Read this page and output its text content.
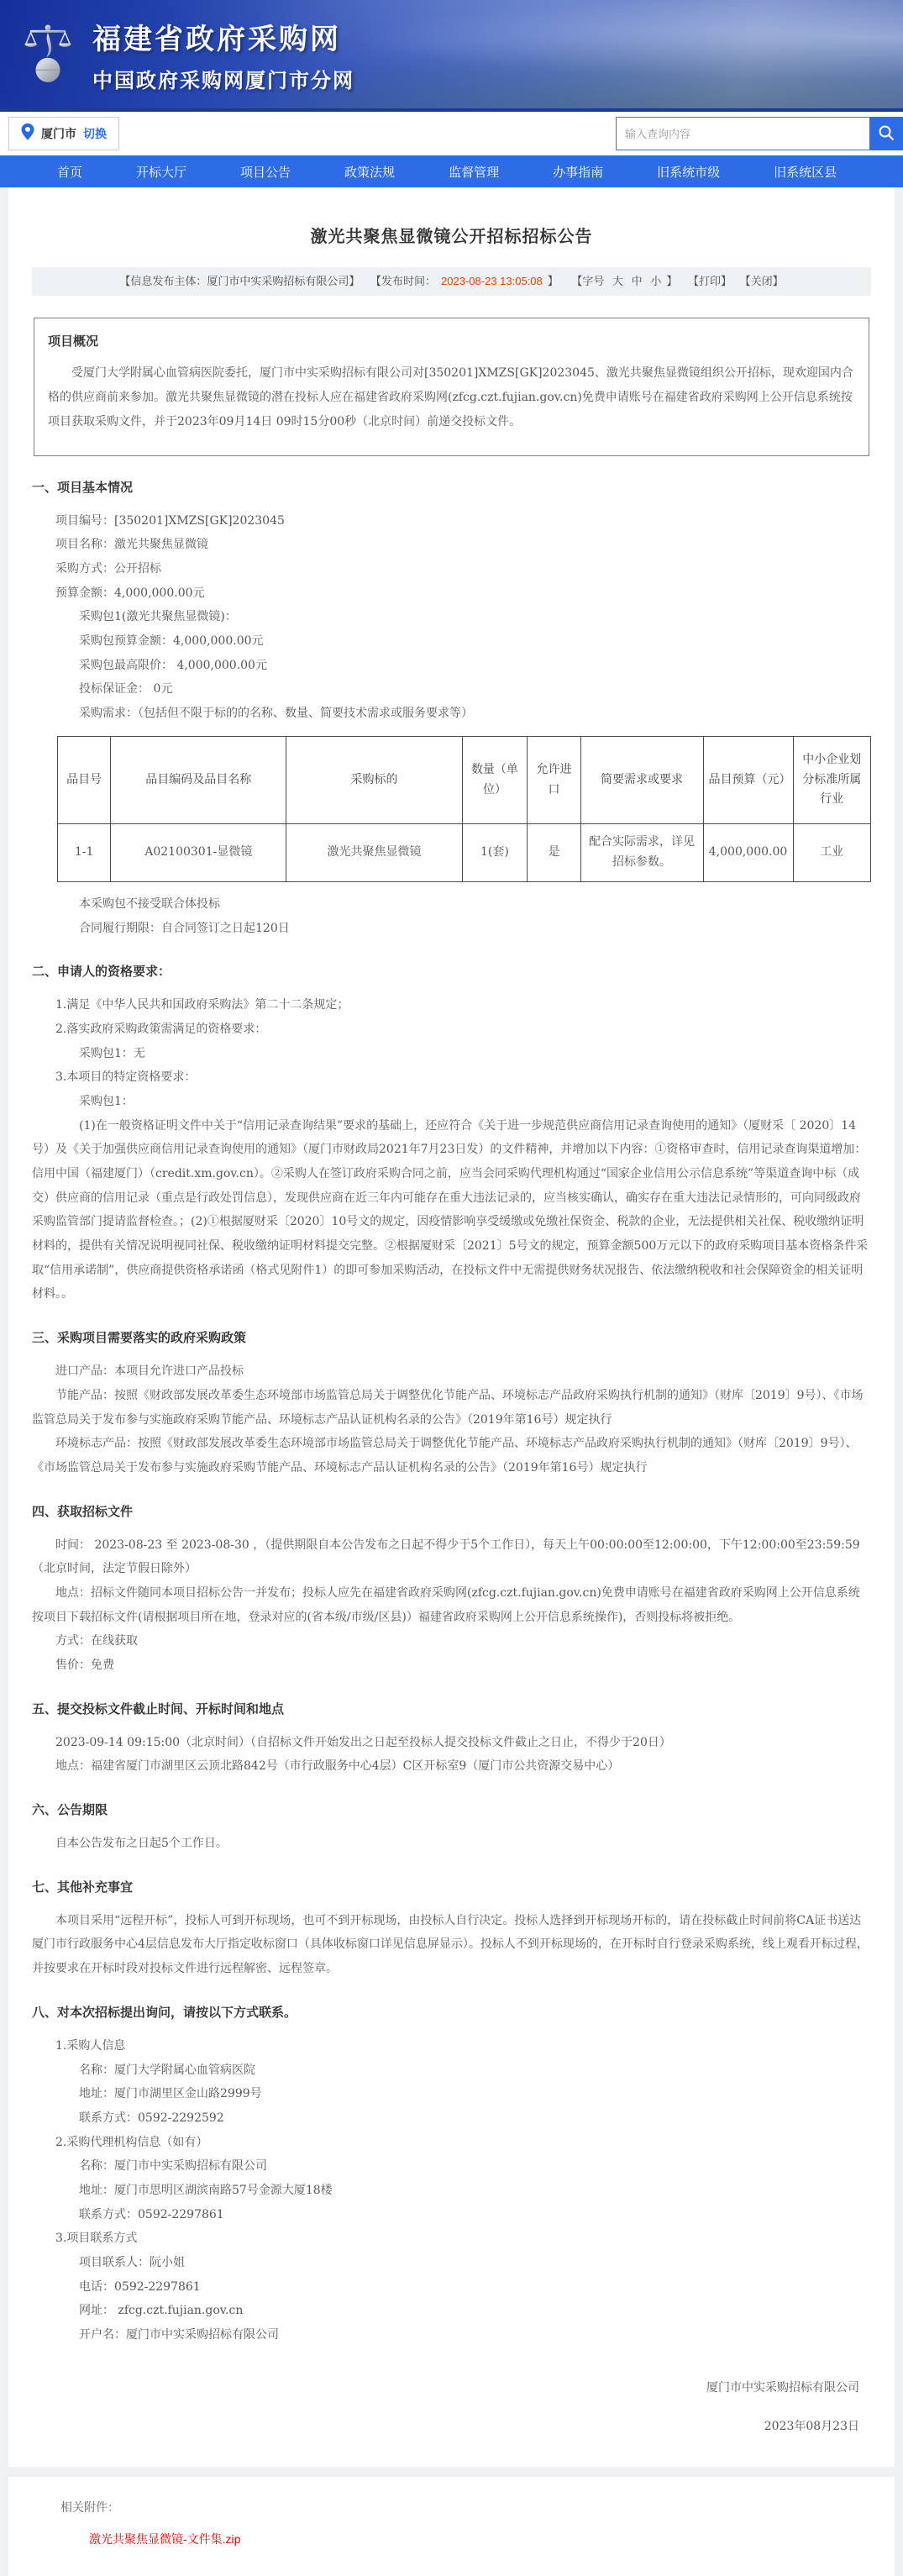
福建省政府采购网
中国政府采购网厦门市分网
厦门市 切换
输入查询内容
首页	开标大厅	项目公告	政策法规	监督管理	办事指南	旧系统市级	旧系统区县
激光共聚焦显微镜公开招标招标公告
【信息发布主体：厦门市中实采购招标有限公司】 【发布时间： 2023-08-23 13:05:08 】 【字号 大 中 小 】 【打印】 【关闭】
项目概况

受厦门大学附属心血管病医院委托，厦门市中实采购招标有限公司对[350201]XMZS[GK]2023045、激光共聚焦显微镜组织公开招标，现欢迎国内合格的供应商前来参加。激光共聚焦显微镜的潜在投标人应在福建省政府采购网(zfcg.czt.fujian.gov.cn)免费申请账号在福建省政府采购网上公开信息系统按项目获取采购文件，并于2023年09月14日 09时15分00秒（北京时间）前递交投标文件。

一、项目基本情况

项目编号：[350201]XMZS[GK]2023045

项目名称：激光共聚焦显微镜

采购方式：公开招标

预算金额：4,000,000.00元

采购包1(激光共聚焦显微镜)：

采购包预算金额：4,000,000.00元

采购包最高限价： 4,000,000.00元

投标保证金： 0元

采购需求：（包括但不限于标的的名称、数量、简要技术需求或服务要求等）

品目号	品目编码及品目名称	采购标的	数量（单位）	允许进口	简要需求或要求	品目预算（元）	中小企业划分标准所属行业
1-1	A02100301-显微镜	激光共聚焦显微镜	1(套)	是	配合实际需求，详见招标参数。	4,000,000.00	工业

本采购包不接受联合体投标

合同履行期限：自合同签订之日起120日

二、申请人的资格要求：

1.满足《中华人民共和国政府采购法》第二十二条规定；

2.落实政府采购政策需满足的资格要求：

采购包1：无

3.本项目的特定资格要求：

采购包1：

(1)在一般资格证明文件中关于“信用记录查询结果”要求的基础上，还应符合《关于进一步规范供应商信用记录查询使用的通知》（厦财采〔 2020〕14号）及《关于加强供应商信用记录查询使用的通知》（厦门市财政局2021年7月23日发）的文件精神，并增加以下内容：①资格审查时，信用记录查询渠道增加：信用中国（福建厦门）（credit.xm.gov.cn）。②采购人在签订政府采购合同之前，应当会同采购代理机构通过“国家企业信用公示信息系统”等渠道查询中标（成交）供应商的信用记录（重点是行政处罚信息），发现供应商在近三年内可能存在重大违法记录的，应当核实确认，确实存在重大违法记录情形的，可向同级政府采购监管部门提请监督检查。；(2)①根据厦财采〔2020〕10号文的规定，因疫情影响享受缓缴或免缴社保资金、税款的企业，无法提供相关社保、税收缴纳证明材料的，提供有关情况说明视同社保、税收缴纳证明材料提交完整。②根据厦财采〔2021〕5号文的规定，预算金额500万元以下的政府采购项目基本资格条件采取“信用承诺制”，供应商提供资格承诺函（格式见附件1）的即可参加采购活动，在投标文件中无需提供财务状况报告、依法缴纳税收和社会保障资金的相关证明材料。。

三、采购项目需要落实的政府采购政策

进口产品：本项目允许进口产品投标

节能产品：按照《财政部发展改革委生态环境部市场监管总局关于调整优化节能产品、环境标志产品政府采购执行机制的通知》（财库〔2019〕9号）、《市场监管总局关于发布参与实施政府采购节能产品、环境标志产品认证机构名录的公告》（2019年第16号）规定执行

环境标志产品：按照《财政部发展改革委生态环境部市场监管总局关于调整优化节能产品、环境标志产品政府采购执行机制的通知》（财库〔2019〕9号）、《市场监管总局关于发布参与实施政府采购节能产品、环境标志产品认证机构名录的公告》（2019年第16号）规定执行

四、获取招标文件

时间： 2023-08-23 至 2023-08-30 ，（提供期限自本公告发布之日起不得少于5个工作日），每天上午00:00:00至12:00:00，下午12:00:00至23:59:59（北京时间，法定节假日除外）

地点：招标文件随同本项目招标公告一并发布；投标人应先在福建省政府采购网(zfcg.czt.fujian.gov.cn)免费申请账号在福建省政府采购网上公开信息系统按项目下载招标文件(请根据项目所在地，登录对应的(省本级/市级/区县)）福建省政府采购网上公开信息系统操作)，否则投标将被拒绝。

方式：在线获取

售价：免费

五、提交投标文件截止时间、开标时间和地点

2023-09-14 09:15:00（北京时间）（自招标文件开始发出之日起至投标人提交投标文件截止之日止，不得少于20日）

地点：福建省厦门市湖里区云顶北路842号（市行政服务中心4层）C区开标室9（厦门市公共资源交易中心）

六、公告期限

自本公告发布之日起5个工作日。

七、其他补充事宜

本项目采用“远程开标”，投标人可到开标现场，也可不到开标现场，由投标人自行决定。投标人选择到开标现场开标的，请在投标截止时间前将CA证书送达厦门市行政服务中心4层信息发布大厅指定收标窗口（具体收标窗口详见信息屏显示）。投标人不到开标现场的，在开标时自行登录采购系统，线上观看开标过程，并按要求在开标时段对投标文件进行远程解密、远程签章。

八、对本次招标提出询问，请按以下方式联系。

1.采购人信息

名称：厦门大学附属心血管病医院

地址：厦门市湖里区金山路2999号

联系方式：0592-2292592

2.采购代理机构信息（如有）

名称：厦门市中实采购招标有限公司

地址：厦门市思明区湖滨南路57号金源大厦18楼

联系方式：0592-2297861

3.项目联系方式

项目联系人：阮小姐

电话：0592-2297861

网址： zfcg.czt.fujian.gov.cn

开户名：厦门市中实采购招标有限公司

厦门市中实采购招标有限公司

2023年08月23日

相关附件：
激光共聚焦显微镜-文件集.zip
